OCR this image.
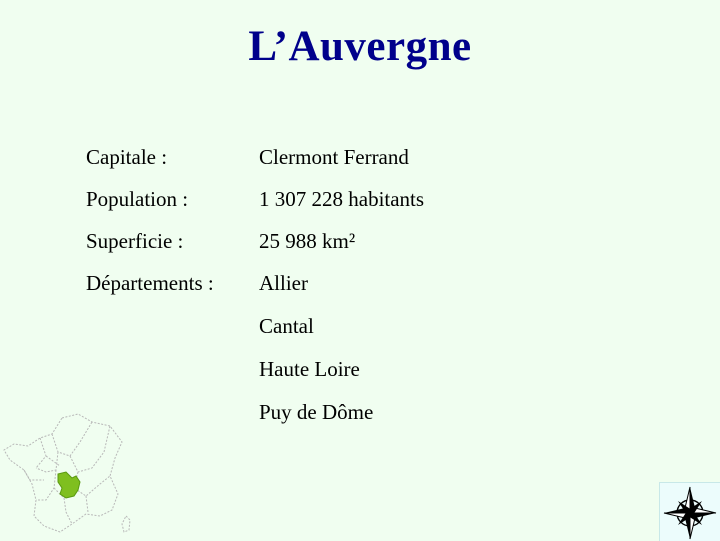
L’Auvergne
Capitale :	Clermont Ferrand
Population :	1 307 228 habitants
Superficie :	25 988 km²
Départements : Allier
Cantal
Haute Loire
Puy de Dôme
